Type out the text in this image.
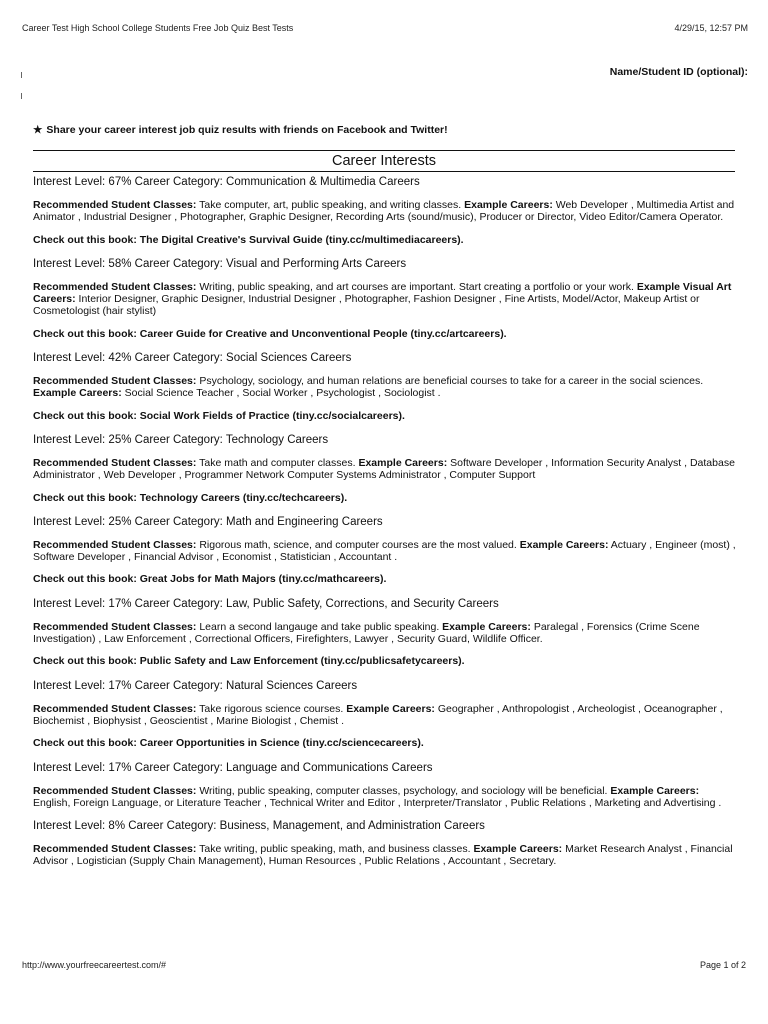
Career Test High School College Students Free Job Quiz Best Tests	4/29/15, 12:57 PM
Name/Student ID (optional):
★ Share your career interest job quiz results with friends on Facebook and Twitter!
Career Interests

Interest Level: 67% Career Category: Communication & Multimedia Careers

Recommended Student Classes: Take computer, art, public speaking, and writing classes. Example Careers: Web Developer , Multimedia Artist and Animator , Industrial Designer , Photographer, Graphic Designer, Recording Arts (sound/music), Producer or Director, Video Editor/Camera Operator.

Check out this book: The Digital Creative's Survival Guide (tiny.cc/multimediacareers).

Interest Level: 58% Career Category: Visual and Performing Arts Careers

Recommended Student Classes: Writing, public speaking, and art courses are important. Start creating a portfolio or your work. Example Visual Art Careers: Interior Designer, Graphic Designer, Industrial Designer , Photographer, Fashion Designer , Fine Artists, Model/Actor, Makeup Artist or Cosmetologist (hair stylist)

Check out this book: Career Guide for Creative and Unconventional People (tiny.cc/artcareers).

Interest Level: 42% Career Category: Social Sciences Careers

Recommended Student Classes: Psychology, sociology, and human relations are beneficial courses to take for a career in the social sciences. Example Careers: Social Science Teacher , Social Worker , Psychologist , Sociologist .

Check out this book: Social Work Fields of Practice (tiny.cc/socialcareers).

Interest Level: 25% Career Category: Technology Careers

Recommended Student Classes: Take math and computer classes. Example Careers: Software Developer , Information Security Analyst , Database Administrator , Web Developer , Programmer Network Computer Systems Administrator , Computer Support

Check out this book: Technology Careers (tiny.cc/techcareers).

Interest Level: 25% Career Category: Math and Engineering Careers

Recommended Student Classes: Rigorous math, science, and computer courses are the most valued. Example Careers: Actuary , Engineer (most) , Software Developer , Financial Advisor , Economist , Statistician , Accountant .

Check out this book: Great Jobs for Math Majors (tiny.cc/mathcareers).

Interest Level: 17% Career Category: Law, Public Safety, Corrections, and Security Careers

Recommended Student Classes: Learn a second langauge and take public speaking. Example Careers: Paralegal , Forensics (Crime Scene Investigation) , Law Enforcement , Correctional Officers, Firefighters, Lawyer , Security Guard, Wildlife Officer.

Check out this book: Public Safety and Law Enforcement (tiny.cc/publicsafetycareers).

Interest Level: 17% Career Category: Natural Sciences Careers

Recommended Student Classes: Take rigorous science courses. Example Careers: Geographer , Anthropologist , Archeologist , Oceanographer , Biochemist , Biophysist , Geoscientist , Marine Biologist , Chemist .

Check out this book: Career Opportunities in Science (tiny.cc/sciencecareers).

Interest Level: 17% Career Category: Language and Communications Careers

Recommended Student Classes: Writing, public speaking, computer classes, psychology, and sociology will be beneficial. Example Careers: English, Foreign Language, or Literature Teacher , Technical Writer and Editor , Interpreter/Translator , Public Relations , Marketing and Advertising .

Interest Level: 8% Career Category: Business, Management, and Administration Careers

Recommended Student Classes: Take writing, public speaking, math, and business classes. Example Careers: Market Research Analyst , Financial Advisor , Logistician (Supply Chain Management), Human Resources , Public Relations , Accountant , Secretary.

http://www.yourfreecareertest.com/#	Page 1 of 2
